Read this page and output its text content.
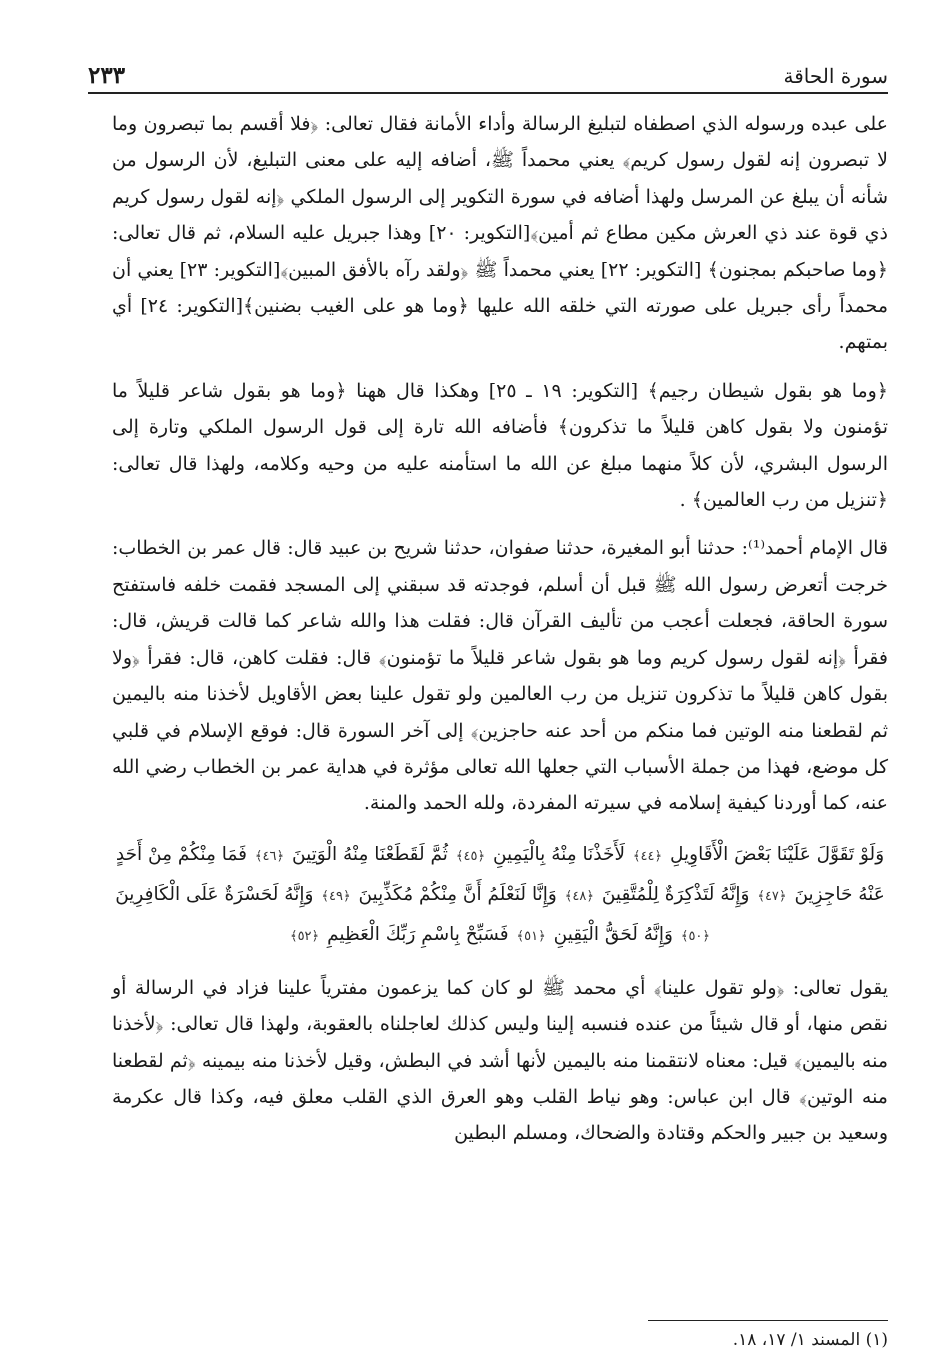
سورة الحاقة
٢٣٣

على عبده ورسوله الذي اصطفاه لتبليغ الرسالة وأداء الأمانة فقال تعالى: ﴿فلا أقسم بما تبصرون وما لا تبصرون إنه لقول رسول كريم﴾ يعني محمداً ﷺ، أضافه إليه على معنى التبليغ، لأن الرسول من شأنه أن يبلغ عن المرسل ولهذا أضافه في سورة التكوير إلى الرسول الملكي ﴿إنه لقول رسول كريم ذي قوة عند ذي العرش مكين مطاع ثم أمين﴾[التكوير: ٢٠] وهذا جبريل عليه السلام، ثم قال تعالى: ﴿وما صاحبكم بمجنون﴾ [التكوير: ٢٢] يعني محمداً ﷺ ﴿ولقد رآه بالأفق المبين﴾[التكوير: ٢٣] يعني أن محمداً رأى جبريل على صورته التي خلقه الله عليها ﴿وما هو على الغيب بضنين﴾[التكوير: ٢٤] أي بمتهم.

﴿وما هو بقول شيطان رجيم﴾ [التكوير: ١٩ ـ ٢٥] وهكذا قال ههنا ﴿وما هو بقول شاعر قليلاً ما تؤمنون ولا بقول كاهن قليلاً ما تذكرون﴾ فأضافه الله تارة إلى قول الرسول الملكي وتارة إلى الرسول البشري، لأن كلاً منهما مبلغ عن الله ما استأمنه عليه من وحيه وكلامه، ولهذا قال تعالى: ﴿تنزيل من رب العالمين﴾ .

قال الإمام أحمد⁽¹⁾: حدثنا أبو المغيرة، حدثنا صفوان، حدثنا شريح بن عبيد قال: قال عمر بن الخطاب: خرجت أتعرض رسول الله ﷺ قبل أن أسلم، فوجدته قد سبقني إلى المسجد فقمت خلفه فاستفتح سورة الحاقة، فجعلت أعجب من تأليف القرآن قال: فقلت هذا والله شاعر كما قالت قريش، قال: فقرأ ﴿إنه لقول رسول كريم وما هو بقول شاعر قليلاً ما تؤمنون﴾ قال: فقلت كاهن، قال: فقرأ ﴿ولا بقول كاهن قليلاً ما تذكرون تنزيل من رب العالمين ولو تقول علينا بعض الأقاويل لأخذنا منه باليمين ثم لقطعنا منه الوتين فما منكم من أحد عنه حاجزين﴾ إلى آخر السورة قال: فوقع الإسلام في قلبي كل موضع، فهذا من جملة الأسباب التي جعلها الله تعالى مؤثرة في هداية عمر بن الخطاب رضي الله عنه، كما أوردنا كيفية إسلامه في سيرته المفردة، ولله الحمد والمنة.

وَلَوْ تَقَوَّلَ عَلَيْنَا بَعْضَ الْأَقَاوِيلِ ﴿٤٤﴾ لَأَخَذْنَا مِنْهُ بِالْيَمِينِ ﴿٤٥﴾ ثُمَّ لَقَطَعْنَا مِنْهُ الْوَتِينَ ﴿٤٦﴾ فَمَا مِنْكُمْ مِنْ أَحَدٍ عَنْهُ حَاجِزِينَ ﴿٤٧﴾ وَإِنَّهُ لَتَذْكِرَةٌ لِلْمُتَّقِينَ ﴿٤٨﴾ وَإِنَّا لَنَعْلَمُ أَنَّ مِنْكُمْ مُكَذِّبِينَ ﴿٤٩﴾ وَإِنَّهُ لَحَسْرَةٌ عَلَى الْكَافِرِينَ ﴿٥٠﴾ وَإِنَّهُ لَحَقُّ الْيَقِينِ ﴿٥١﴾ فَسَبِّحْ بِاسْمِ رَبِّكَ الْعَظِيمِ ﴿٥٢﴾

يقول تعالى: ﴿ولو تقول علينا﴾ أي محمد ﷺ لو كان كما يزعمون مفترياً علينا فزاد في الرسالة أو نقص منها، أو قال شيئاً من عنده فنسبه إلينا وليس كذلك لعاجلناه بالعقوبة، ولهذا قال تعالى: ﴿لأخذنا منه باليمين﴾ قيل: معناه لانتقمنا منه باليمين لأنها أشد في البطش، وقيل لأخذنا منه بيمينه ﴿ثم لقطعنا منه الوتين﴾ قال ابن عباس: وهو نياط القلب وهو العرق الذي القلب معلق فيه، وكذا قال عكرمة وسعيد بن جبير والحكم وقتادة والضحاك، ومسلم البطين

(١) المسند ١/ ١٧، ١٨.
